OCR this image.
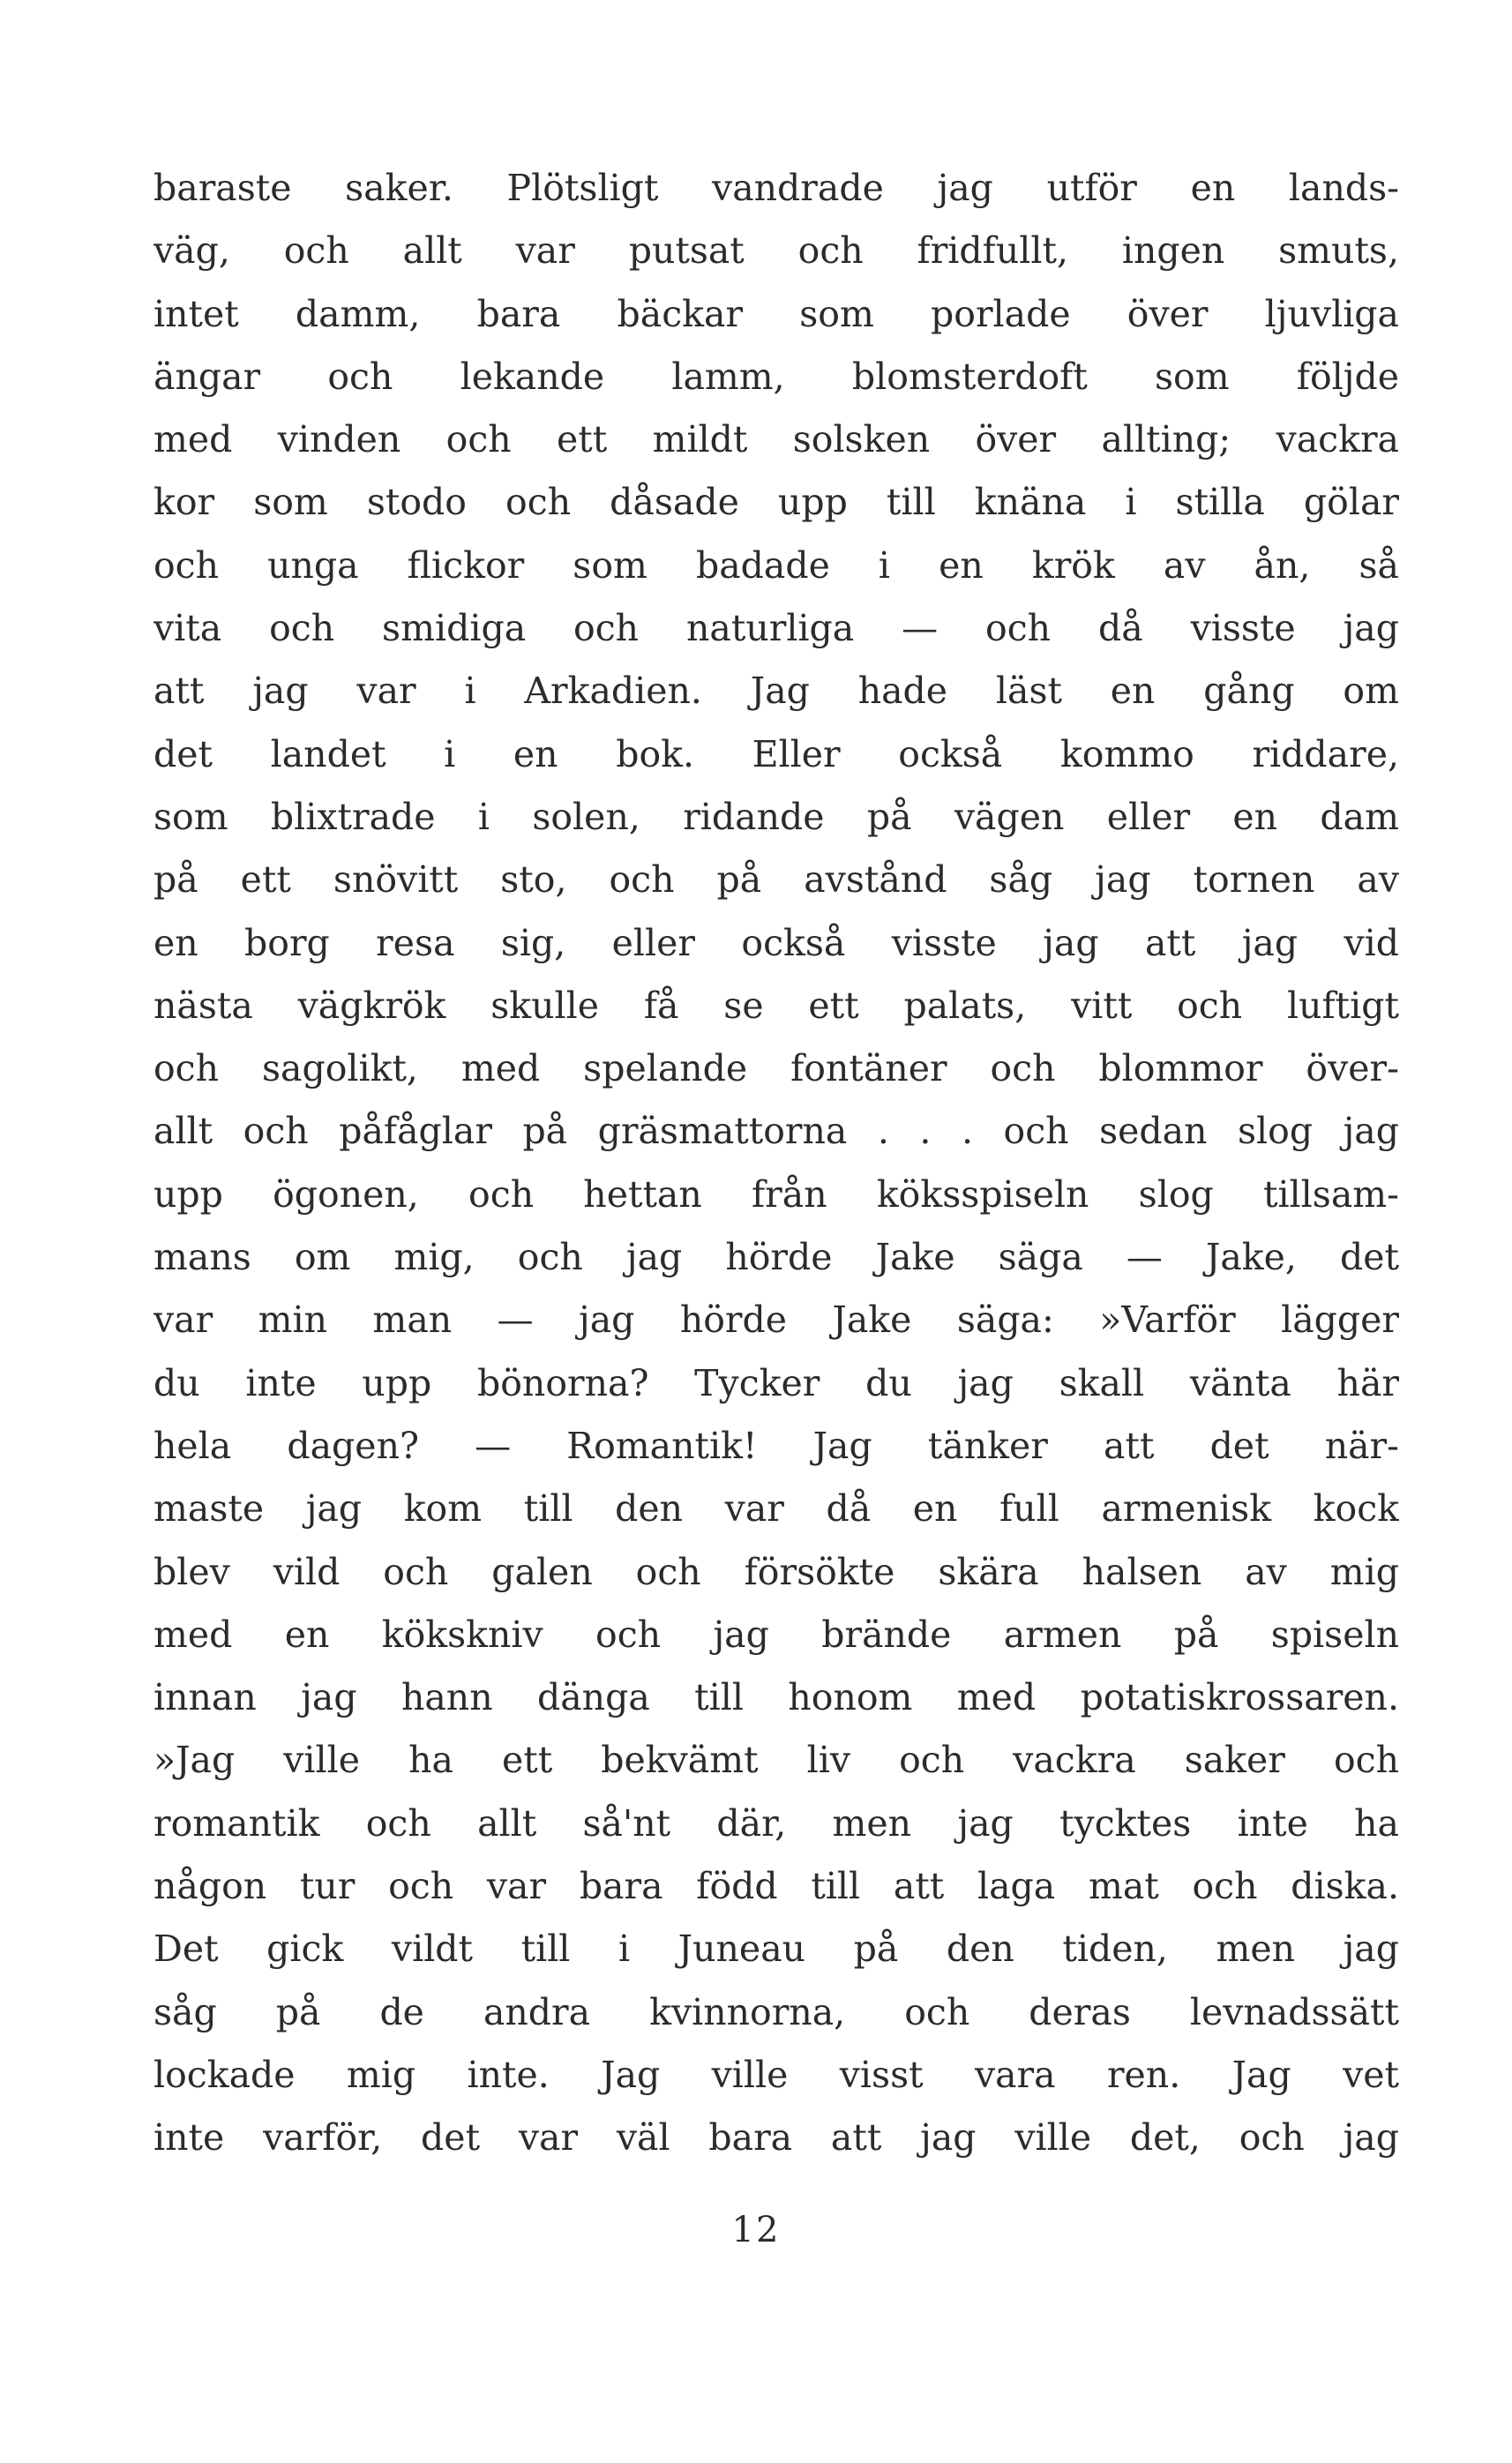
baraste saker. Plötsligt vandrade jag utför en lands-
väg, och allt var putsat och fridfullt, ingen smuts,
intet damm, bara bäckar som porlade över ljuvliga
ängar och lekande lamm, blomsterdoft som följde
med vinden och ett mildt solsken över allting; vackra
kor som stodo och dåsade upp till knäna i stilla gölar
och unga flickor som badade i en krök av ån, så
vita och smidiga och naturliga — och då visste jag
att jag var i Arkadien. Jag hade läst en gång om
det landet i en bok. Eller också kommo riddare,
som blixtrade i solen, ridande på vägen eller en dam
på ett snövitt sto, och på avstånd såg jag tornen av
en borg resa sig, eller också visste jag att jag vid
nästa vägkrök skulle få se ett palats, vitt och luftigt
och sagolikt, med spelande fontäner och blommor över-
allt och påfåglar på gräsmattorna . . . och sedan slog jag
upp ögonen, och hettan från köksspiseln slog tillsam-
mans om mig, och jag hörde Jake säga — Jake, det
var min man — jag hörde Jake säga: »Varför lägger
du inte upp bönorna? Tycker du jag skall vänta här
hela dagen? — Romantik! Jag tänker att det när-
maste jag kom till den var då en full armenisk kock
blev vild och galen och försökte skära halsen av mig
med en kökskniv och jag brände armen på spiseln
innan jag hann dänga till honom med potatiskrossaren.
»Jag ville ha ett bekvämt liv och vackra saker och
romantik och allt så'nt där, men jag tycktes inte ha
någon tur och var bara född till att laga mat och diska.
Det gick vildt till i Juneau på den tiden, men jag
såg på de andra kvinnorna, och deras levnadssätt
lockade mig inte. Jag ville visst vara ren. Jag vet
inte varför, det var väl bara att jag ville det, och jag
12
